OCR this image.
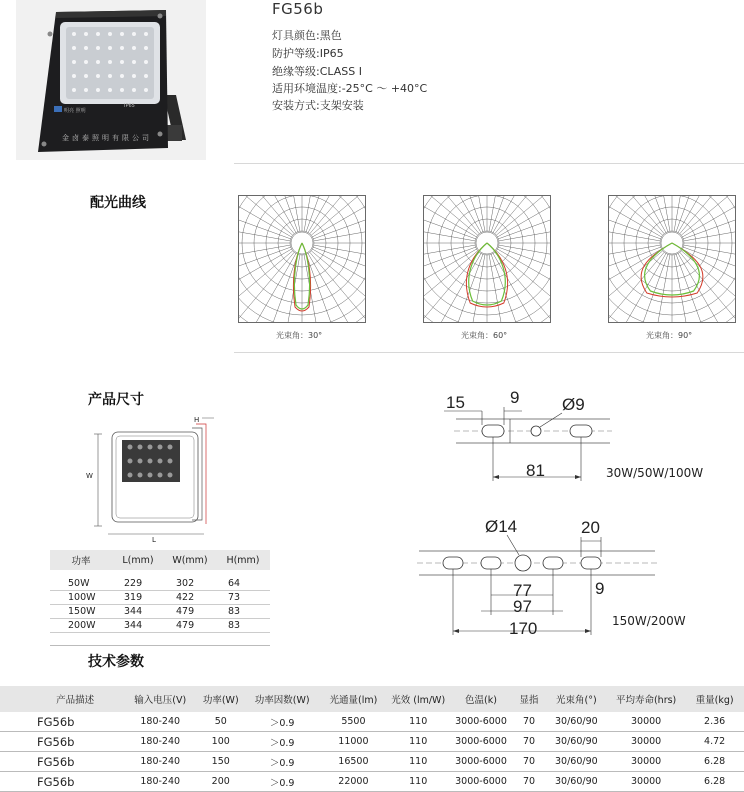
明亮 照明
IP65
金卤泰照明有限公司
FG56b
灯具颜色:黑色
防护等级:IP65
绝缘等级:CLASS Ⅰ
适用环境温度:-25°C ～ +40°C
安装方式:支架安装
配光曲线
光束角：30°	光束角：60°	光束角：90°
产品尺寸
W
H
L
功率	L(mm)	W(mm)	H(mm)
50W	229	302	64
100W	319	422	73
150W	344	479	83
200W	344	479	83
15	9	Ø9
81	30W/50W/100W
Ø14	20
77
97
9
170	150W/200W
技术参数
产品描述	输入电压(V)	功率(W)	功率因数(W)	光通量(lm)	光效 (lm/W)	色温(k)	显指	光束角(°)	平均寿命(hrs)	重量(kg)
FG56b	180-240	50	＞0.9	5500	110	3000-6000	70	30/60/90	30000	2.36
FG56b	180-240	100	＞0.9	11000	110	3000-6000	70	30/60/90	30000	4.72
FG56b	180-240	150	＞0.9	16500	110	3000-6000	70	30/60/90	30000	6.28
FG56b	180-240	200	＞0.9	22000	110	3000-6000	70	30/60/90	30000	6.28
